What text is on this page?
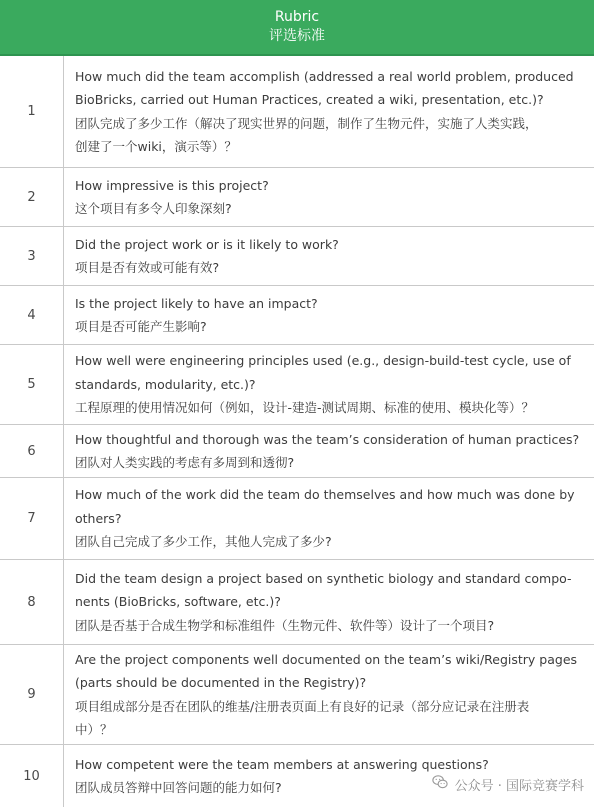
Rubric
评选标准
1

How much did the team accomplish (addressed a real world problem, produced

BioBricks, carried out Human Practices, created a wiki, presentation, etc.)?

团队完成了多少工作（解决了现实世界的问题，制作了生物元件，实施了人类实践，

创建了一个wiki，演示等）？

2

How impressive is this project?

这个项目有多令人印象深刻?

3

Did the project work or is it likely to work?

项目是否有效或可能有效?

4

Is the project likely to have an impact?

项目是否可能产生影响?

5

How well were engineering principles used (e.g., design-build-test cycle, use of

standards, modularity, etc.)?

工程原理的使用情况如何（例如，设计-建造-测试周期、标准的使用、模块化等）？

6

How thoughtful and thorough was the team’s consideration of human practices?

团队对人类实践的考虑有多周到和透彻?

7

How much of the work did the team do themselves and how much was done by

others?

团队自己完成了多少工作，其他人完成了多少?

8

Did the team design a project based on synthetic biology and standard compo-

nents (BioBricks, software, etc.)?

团队是否基于合成生物学和标准组件（生物元件、软件等）设计了一个项目?

9

Are the project components well documented on the team’s wiki/Registry pages

(parts should be documented in the Registry)?

项目组成部分是否在团队的维基/注册表页面上有良好的记录（部分应记录在注册表

中）？

10

How competent were the team members at answering questions?

团队成员答辩中回答问题的能力如何?	公众号 · 国际竞赛学科
